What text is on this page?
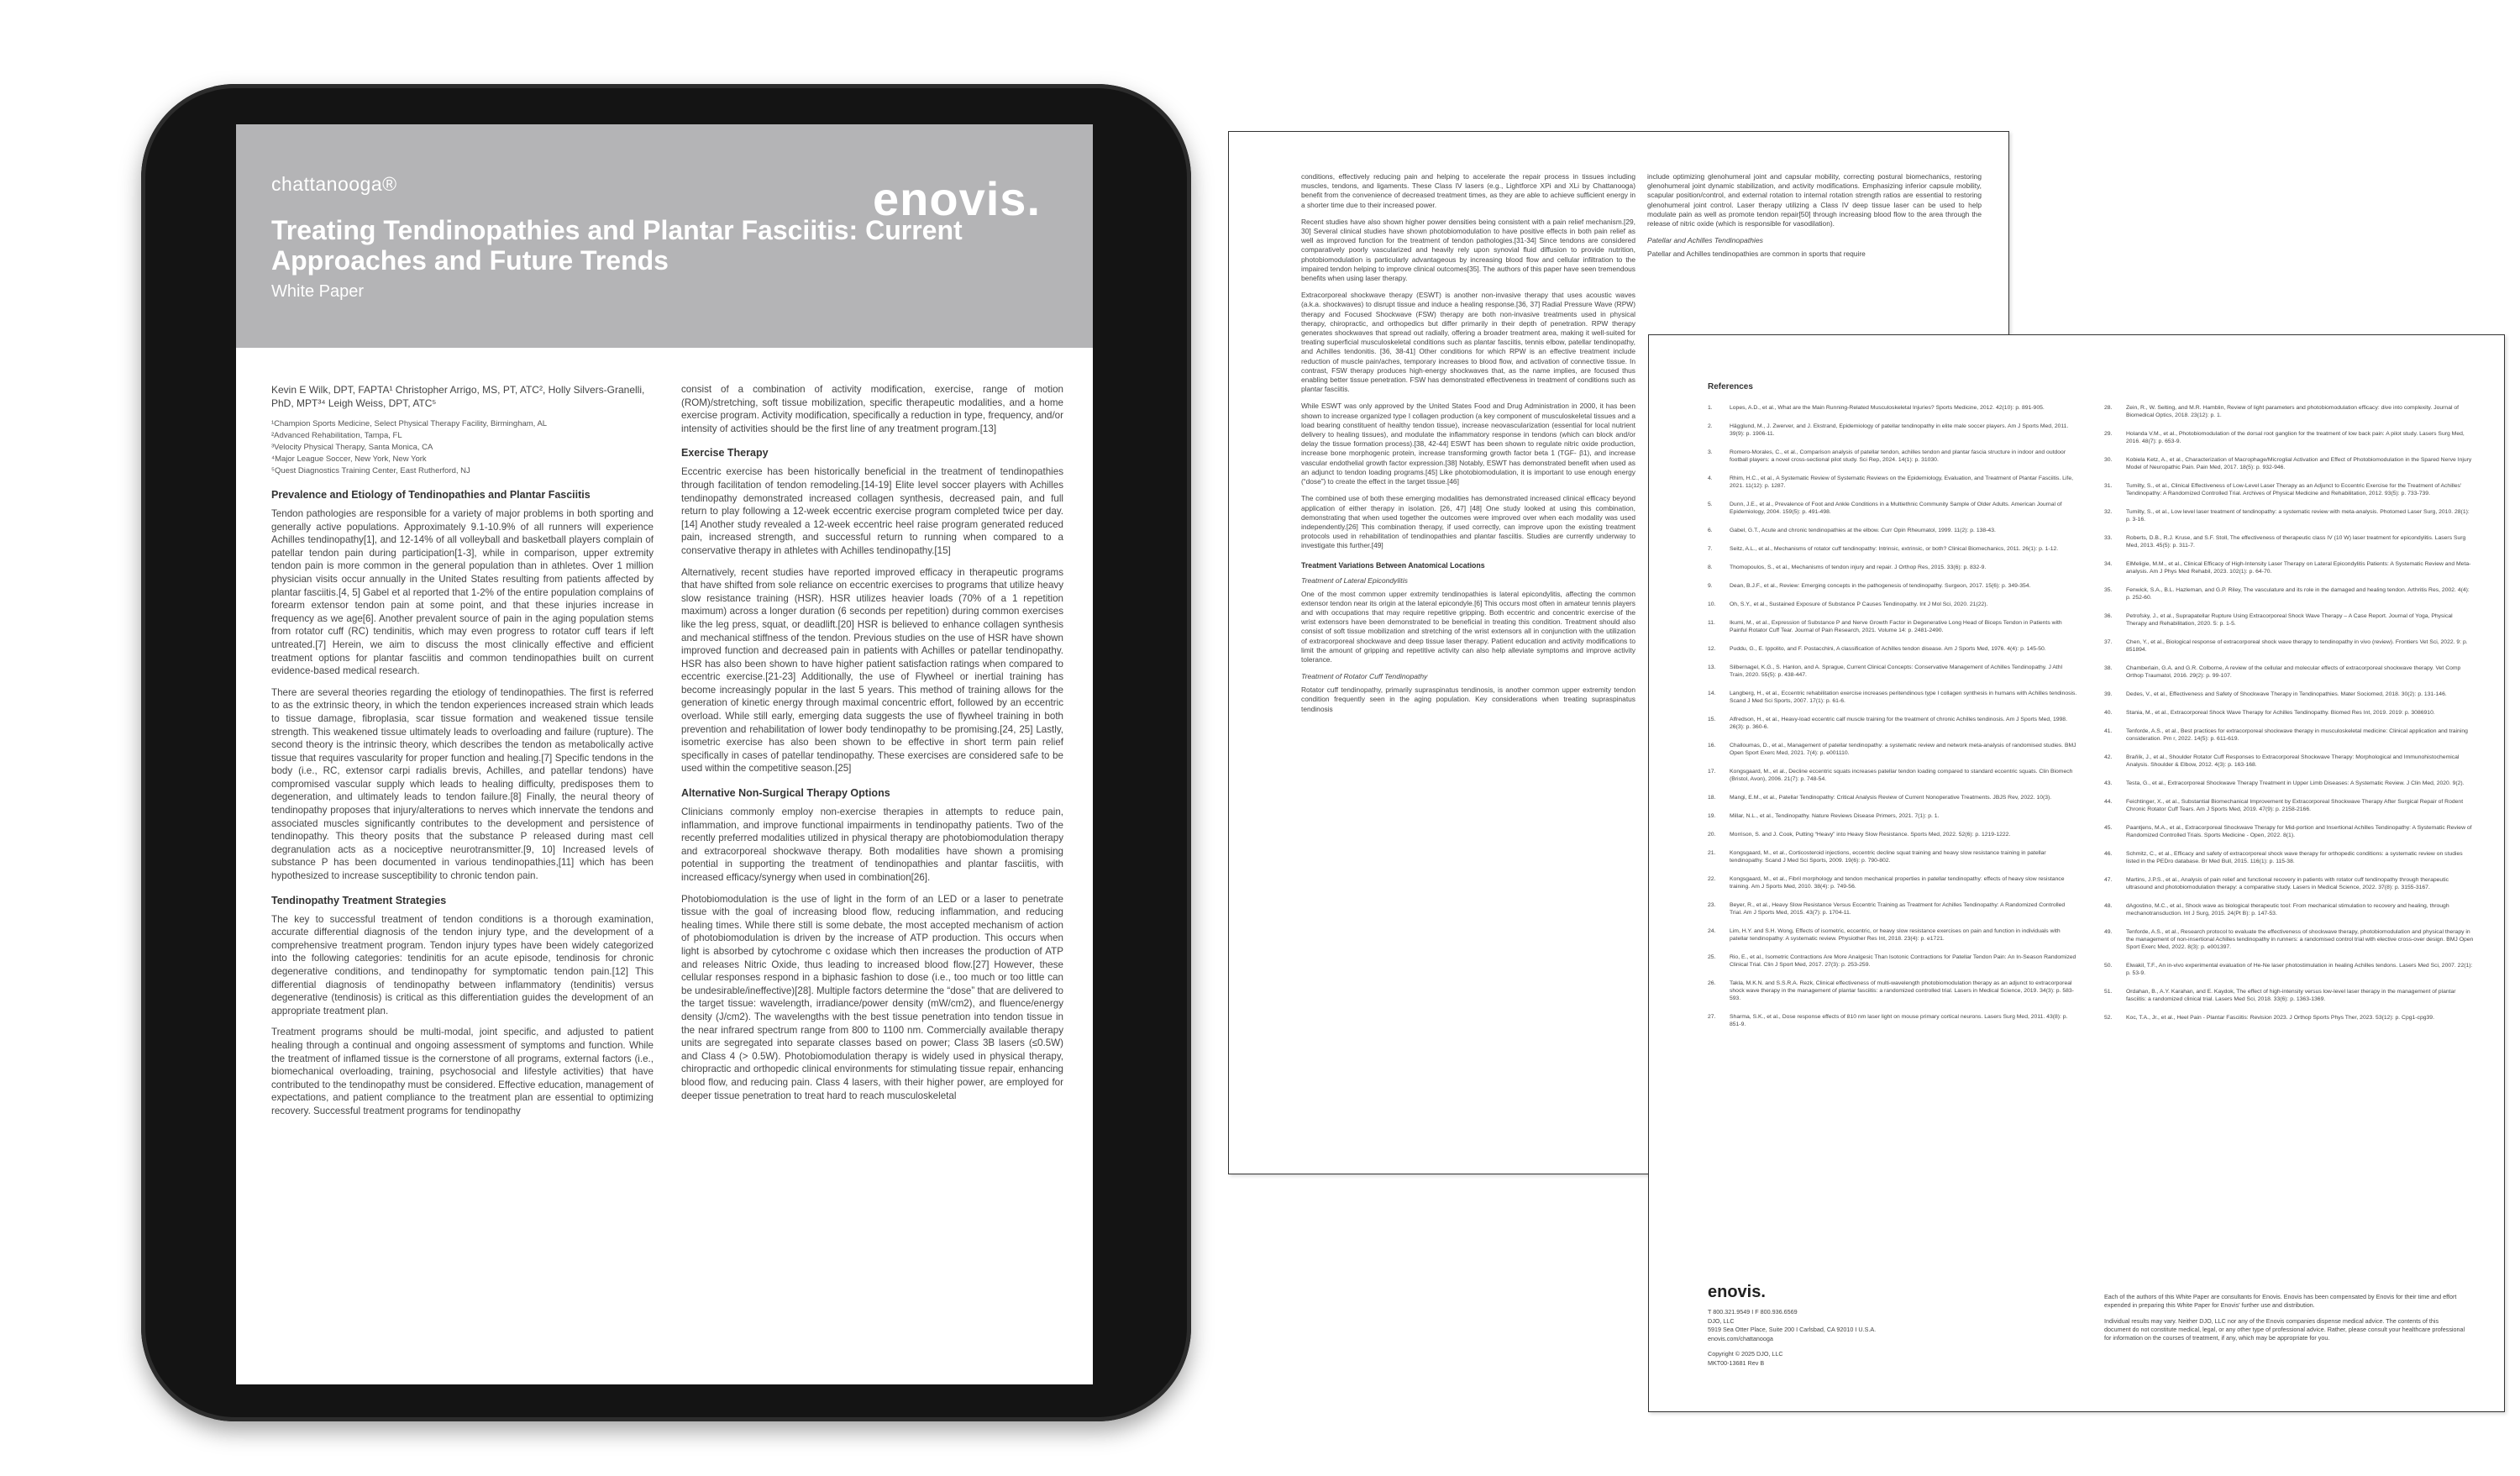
chattanooga®	enovis.
Treating Tendinopathies and Plantar Fasciitis: Current Approaches and Future Trends
White Paper
Kevin E Wilk, DPT, FAPTA¹ Christopher Arrigo, MS, PT, ATC², Holly Silvers-Granelli, PhD, MPT³⁴ Leigh Weiss, DPT, ATC⁵
¹Champion Sports Medicine, Select Physical Therapy Facility, Birmingham, AL
²Advanced Rehabilitation, Tampa, FL
³Velocity Physical Therapy, Santa Monica, CA
⁴Major League Soccer, New York, New York
⁵Quest Diagnostics Training Center, East Rutherford, NJ
Prevalence and Etiology of Tendinopathies and Plantar Fasciitis

Tendon pathologies are responsible for a variety of major problems in both sporting and generally active populations. Approximately 9.1-10.9% of all runners will experience Achilles tendinopathy[1], and 12-14% of all volleyball and basketball players complain of patellar tendon pain during participation[1-3], while in comparison, upper extremity tendon pain is more common in the general population than in athletes. Over 1 million physician visits occur annually in the United States resulting from patients affected by plantar fasciitis.[4, 5] Gabel et al reported that 1-2% of the entire population complains of forearm extensor tendon pain at some point, and that these injuries increase in frequency as we age[6]. Another prevalent source of pain in the aging population stems from rotator cuff (RC) tendinitis, which may even progress to rotator cuff tears if left untreated.[7] Herein, we aim to discuss the most clinically effective and efficient treatment options for plantar fasciitis and common tendinopathies built on current evidence-based medical research.

There are several theories regarding the etiology of tendinopathies. The first is referred to as the extrinsic theory, in which the tendon experiences increased strain which leads to tissue damage, fibroplasia, scar tissue formation and weakened tissue tensile strength. This weakened tissue ultimately leads to overloading and failure (rupture). The second theory is the intrinsic theory, which describes the tendon as metabolically active tissue that requires vascularity for proper function and healing.[7] Specific tendons in the body (i.e., RC, extensor carpi radialis brevis, Achilles, and patellar tendons) have compromised vascular supply which leads to healing difficulty, predisposes them to degeneration, and ultimately leads to tendon failure.[8] Finally, the neural theory of tendinopathy proposes that injury/alterations to nerves which innervate the tendons and associated muscles significantly contributes to the development and persistence of tendinopathy. This theory posits that the substance P released during mast cell degranulation acts as a nociceptive neurotransmitter.[9, 10] Increased levels of substance P has been documented in various tendinopathies,[11] which has been hypothesized to increase susceptibility to chronic tendon pain.

Tendinopathy Treatment Strategies

The key to successful treatment of tendon conditions is a thorough examination, accurate differential diagnosis of the tendon injury type, and the development of a comprehensive treatment program. Tendon injury types have been widely categorized into the following categories: tendinitis for an acute episode, tendinosis for chronic degenerative conditions, and tendinopathy for symptomatic tendon pain.[12] This differential diagnosis of tendinopathy between inflammatory (tendinitis) versus degenerative (tendinosis) is critical as this differentiation guides the development of an appropriate treatment plan.

Treatment programs should be multi-modal, joint specific, and adjusted to patient healing through a continual and ongoing assessment of symptoms and function. While the treatment of inflamed tissue is the cornerstone of all programs, external factors (i.e., biomechanical overloading, training, psychosocial and lifestyle activities) that have contributed to the tendinopathy must be considered. Effective education, management of expectations, and patient compliance to the treatment plan are essential to optimizing recovery. Successful treatment programs for tendinopathy

consist of a combination of activity modification, exercise, range of motion (ROM)/stretching, soft tissue mobilization, specific therapeutic modalities, and a home exercise program. Activity modification, specifically a reduction in type, frequency, and/or intensity of activities should be the first line of any treatment program.[13]

Exercise Therapy

Eccentric exercise has been historically beneficial in the treatment of tendinopathies through facilitation of tendon remodeling.[14-19] Elite level soccer players with Achilles tendinopathy demonstrated increased collagen synthesis, decreased pain, and full return to play following a 12-week eccentric exercise program completed twice per day.[14] Another study revealed a 12-week eccentric heel raise program generated reduced pain, increased strength, and successful return to running when compared to a conservative therapy in athletes with Achilles tendinopathy.[15]

Alternatively, recent studies have reported improved efficacy in therapeutic programs that have shifted from sole reliance on eccentric exercises to programs that utilize heavy slow resistance training (HSR). HSR utilizes heavier loads (70% of a 1 repetition maximum) across a longer duration (6 seconds per repetition) during common exercises like the leg press, squat, or deadlift.[20] HSR is believed to enhance collagen synthesis and mechanical stiffness of the tendon. Previous studies on the use of HSR have shown improved function and decreased pain in patients with Achilles or patellar tendinopathy. HSR has also been shown to have higher patient satisfaction ratings when compared to eccentric exercise.[21-23] Additionally, the use of Flywheel or inertial training has become increasingly popular in the last 5 years. This method of training allows for the generation of kinetic energy through maximal concentric effort, followed by an eccentric overload. While still early, emerging data suggests the use of flywheel training in both prevention and rehabilitation of lower body tendinopathy to be promising.[24, 25] Lastly, isometric exercise has also been shown to be effective in short term pain relief specifically in cases of patellar tendinopathy. These exercises are considered safe to be used within the competitive season.[25]

Alternative Non-Surgical Therapy Options

Clinicians commonly employ non-exercise therapies in attempts to reduce pain, inflammation, and improve functional impairments in tendinopathy patients. Two of the recently preferred modalities utilized in physical therapy are photobiomodulation therapy and extracorporeal shockwave therapy. Both modalities have shown a promising potential in supporting the treatment of tendinopathies and plantar fasciitis, with increased efficacy/synergy when used in combination[26].

Photobiomodulation is the use of light in the form of an LED or a laser to penetrate tissue with the goal of increasing blood flow, reducing inflammation, and reducing healing times. While there still is some debate, the most accepted mechanism of action of photobiomodulation is driven by the increase of ATP production. This occurs when light is absorbed by cytochrome c oxidase which then increases the production of ATP and releases Nitric Oxide, thus leading to increased blood flow.[27] However, these cellular responses respond in a biphasic fashion to dose (i.e., too much or too little can be undesirable/ineffective)[28]. Multiple factors determine the “dose” that are delivered to the target tissue: wavelength, irradiance/power density (mW/cm2), and fluence/energy density (J/cm2). The wavelengths with the best tissue penetration into tendon tissue in the near infrared spectrum range from 800 to 1100 nm. Commercially available therapy units are segregated into separate classes based on power; Class 3B lasers (≤0.5W) and Class 4 (> 0.5W). Photobiomodulation therapy is widely used in physical therapy, chiropractic and orthopedic clinical environments for stimulating tissue repair, enhancing blood flow, and reducing pain. Class 4 lasers, with their higher power, are employed for deeper tissue penetration to treat hard to reach musculoskeletal

conditions, effectively reducing pain and helping to accelerate the repair process in tissues including muscles, tendons, and ligaments. These Class IV lasers (e.g., Lightforce XPi and XLi by Chattanooga) benefit from the convenience of decreased treatment times, as they are able to achieve sufficient energy in a shorter time due to their increased power.

Recent studies have also shown higher power densities being consistent with a pain relief mechanism.[29, 30] Several clinical studies have shown photobiomodulation to have positive effects in both pain relief as well as improved function for the treatment of tendon pathologies.[31-34] Since tendons are considered comparatively poorly vascularized and heavily rely upon synovial fluid diffusion to provide nutrition, photobiomodulation is particularly advantageous by increasing blood flow and cellular infiltration to the impaired tendon helping to improve clinical outcomes[35]. The authors of this paper have seen tremendous benefits when using laser therapy.

Extracorporeal shockwave therapy (ESWT) is another non-invasive therapy that uses acoustic waves (a.k.a. shockwaves) to disrupt tissue and induce a healing response.[36, 37] Radial Pressure Wave (RPW) therapy and Focused Shockwave (FSW) therapy are both non-invasive treatments used in physical therapy, chiropractic, and orthopedics but differ primarily in their depth of penetration. RPW therapy generates shockwaves that spread out radially, offering a broader treatment area, making it well-suited for treating superficial musculoskeletal conditions such as plantar fasciitis, tennis elbow, patellar tendinopathy, and Achilles tendonitis. [36, 38-41] Other conditions for which RPW is an effective treatment include reduction of muscle pain/aches, temporary increases to blood flow, and activation of connective tissue. In contrast, FSW therapy produces high-energy shockwaves that, as the name implies, are focused thus enabling better tissue penetration. FSW has demonstrated effectiveness in treatment of conditions such as plantar fasciitis.

While ESWT was only approved by the United States Food and Drug Administration in 2000, it has been shown to increase organized type I collagen production (a key component of musculoskeletal tissues and a load bearing constituent of healthy tendon tissue), increase neovascularization (essential for local nutrient delivery to healing tissues), and modulate the inflammatory response in tendons (which can block and/or delay the tissue formation process).[38, 42-44] ESWT has been shown to regulate nitric oxide production, increase bone morphogenic protein, increase transforming growth factor beta 1 (TGF- β1), and increase vascular endothelial growth factor expression.[38] Notably, ESWT has demonstrated benefit when used as an adjunct to tendon loading programs.[45] Like photobiomodulation, it is important to use enough energy (“dose”) to create the effect in the target tissue.[46]

The combined use of both these emerging modalities has demonstrated increased clinical efficacy beyond application of either therapy in isolation. [26, 47] [48] One study looked at using this combination, demonstrating that when used together the outcomes were improved over when each modality was used independently.[26] This combination therapy, if used correctly, can improve upon the existing treatment protocols used in rehabilitation of tendinopathies and plantar fasciitis. Studies are currently underway to investigate this further.[49]

Treatment Variations Between Anatomical Locations
Treatment of Lateral Epicondylitis

One of the most common upper extremity tendinopathies is lateral epicondylitis, affecting the common extensor tendon near its origin at the lateral epicondyle.[6] This occurs most often in amateur tennis players and with occupations that may require repetitive gripping. Both eccentric and concentric exercise of the wrist extensors have been demonstrated to be beneficial in treating this condition. Treatment should also consist of soft tissue mobilization and stretching of the wrist extensors all in conjunction with the utilization of extracorporeal shockwave and deep tissue laser therapy. Patient education and activity modifications to limit the amount of gripping and repetitive activity can also help alleviate symptoms and improve activity tolerance.

Treatment of Rotator Cuff Tendinopathy

Rotator cuff tendinopathy, primarily supraspinatus tendinosis, is another common upper extremity tendon condition frequently seen in the aging population. Key considerations when treating supraspinatus tendinosis

include optimizing glenohumeral joint and capsular mobility, correcting postural biomechanics, restoring glenohumeral joint dynamic stabilization, and activity modifications. Emphasizing inferior capsule mobility, scapular position/control, and external rotation to internal rotation strength ratios are essential to restoring glenohumeral joint control. Laser therapy utilizing a Class IV deep tissue laser can be used to help modulate pain as well as promote tendon repair[50] through increasing blood flow to the area through the release of nitric oxide (which is responsible for vasodilation).

Patellar and Achilles Tendinopathies

Patellar and Achilles tendinopathies are common in sports that require

References
1.	Lopes, A.D., et al., What are the Main Running-Related Musculoskeletal Injuries? Sports Medicine, 2012. 42(10): p. 891-905.
2.	Hägglund, M., J. Zwerver, and J. Ekstrand, Epidemiology of patellar tendinopathy in elite male soccer players. Am J Sports Med, 2011. 39(9): p. 1906-11.
3.	Romero-Morales, C., et al., Comparison analysis of patellar tendon, achilles tendon and plantar fascia structure in indoor and outdoor football players: a novel cross-sectional pilot study. Sci Rep, 2024. 14(1): p. 31030.
4.	Rhim, H.C., et al., A Systematic Review of Systematic Reviews on the Epidemiology, Evaluation, and Treatment of Plantar Fasciitis. Life, 2021. 11(12): p. 1287.
5.	Dunn, J.E., et al., Prevalence of Foot and Ankle Conditions in a Multiethnic Community Sample of Older Adults. American Journal of Epidemiology, 2004. 159(5): p. 491-498.
6.	Gabel, G.T., Acute and chronic tendinopathies at the elbow. Curr Opin Rheumatol, 1999. 11(2): p. 138-43.
7.	Seitz, A.L., et al., Mechanisms of rotator cuff tendinopathy: Intrinsic, extrinsic, or both? Clinical Biomechanics, 2011. 26(1): p. 1-12.
8.	Thomopoulos, S., et al., Mechanisms of tendon injury and repair. J Orthop Res, 2015. 33(6): p. 832-9.
9.	Dean, B.J.F., et al., Review: Emerging concepts in the pathogenesis of tendinopathy. Surgeon, 2017. 15(6): p. 349-354.
10.	Oh, S.Y., et al., Sustained Exposure of Substance P Causes Tendinopathy. Int J Mol Sci, 2020. 21(22).
11.	Ikumi, M., et al., Expression of Substance P and Nerve Growth Factor in Degenerative Long Head of Biceps Tendon in Patients with Painful Rotator Cuff Tear. Journal of Pain Research, 2021. Volume 14: p. 2481-2490.
12.	Puddu, G., E. Ippolito, and F. Postacchini, A classification of Achilles tendon disease. Am J Sports Med, 1976. 4(4): p. 145-50.
13.	Silbernagel, K.G., S. Hanlon, and A. Sprague, Current Clinical Concepts: Conservative Management of Achilles Tendinopathy. J Athl Train, 2020. 55(5): p. 438-447.
14.	Langberg, H., et al., Eccentric rehabilitation exercise increases peritendinous type I collagen synthesis in humans with Achilles tendinosis. Scand J Med Sci Sports, 2007. 17(1): p. 61-6.
15.	Alfredson, H., et al., Heavy-load eccentric calf muscle training for the treatment of chronic Achilles tendinosis. Am J Sports Med, 1998. 26(3): p. 360-6.
16.	Challoumas, D., et al., Management of patellar tendinopathy: a systematic review and network meta-analysis of randomised studies. BMJ Open Sport Exerc Med, 2021. 7(4): p. e001110.
17.	Kongsgaard, M., et al., Decline eccentric squats increases patellar tendon loading compared to standard eccentric squats. Clin Biomech (Bristol, Avon), 2006. 21(7): p. 748-54.
18.	Mangi, E.M., et al., Patellar Tendinopathy: Critical Analysis Review of Current Nonoperative Treatments. JBJS Rev, 2022. 10(3).
19.	Millar, N.L., et al., Tendinopathy. Nature Reviews Disease Primers, 2021. 7(1): p. 1.
20.	Morrison, S. and J. Cook, Putting “Heavy” into Heavy Slow Resistance. Sports Med, 2022. 52(6): p. 1219-1222.
21.	Kongsgaard, M., et al., Corticosteroid injections, eccentric decline squat training and heavy slow resistance training in patellar tendinopathy. Scand J Med Sci Sports, 2009. 19(6): p. 790-802.
22.	Kongsgaard, M., et al., Fibril morphology and tendon mechanical properties in patellar tendinopathy: effects of heavy slow resistance training. Am J Sports Med, 2010. 38(4): p. 749-56.
23.	Beyer, R., et al., Heavy Slow Resistance Versus Eccentric Training as Treatment for Achilles Tendinopathy: A Randomized Controlled Trial. Am J Sports Med, 2015. 43(7): p. 1704-11.
24.	Lim, H.Y. and S.H. Wong, Effects of isometric, eccentric, or heavy slow resistance exercises on pain and function in individuals with patellar tendinopathy: A systematic review. Physiother Res Int, 2018. 23(4): p. e1721.
25.	Rio, E., et al., Isometric Contractions Are More Analgesic Than Isotonic Contractions for Patellar Tendon Pain: An In-Season Randomized Clinical Trial. Clin J Sport Med, 2017. 27(3): p. 253-259.
26.	Takla, M.K.N. and S.S.R.A. Rezk, Clinical effectiveness of multi-wavelength photobiomodulation therapy as an adjunct to extracorporeal shock wave therapy in the management of plantar fasciitis: a randomized controlled trial. Lasers in Medical Science, 2019. 34(3): p. 583-593.
27.	Sharma, S.K., et al., Dose response effects of 810 nm laser light on mouse primary cortical neurons. Lasers Surg Med, 2011. 43(8): p. 851-9.
28.	Zein, R., W. Selting, and M.R. Hamblin, Review of light parameters and photobiomodulation efficacy: dive into complexity. Journal of Biomedical Optics, 2018. 23(12): p. 1.
29.	Holanda V.M., et al., Photobiomodulation of the dorsal root ganglion for the treatment of low back pain: A pilot study. Lasers Surg Med, 2016. 48(7): p. 653-9.
30.	Kobiela Ketz, A., et al., Characterization of Macrophage/Microglial Activation and Effect of Photobiomodulation in the Spared Nerve Injury Model of Neuropathic Pain. Pain Med, 2017. 18(5): p. 932-946.
31.	Tumilty, S., et al., Clinical Effectiveness of Low-Level Laser Therapy as an Adjunct to Eccentric Exercise for the Treatment of Achilles' Tendinopathy: A Randomized Controlled Trial. Archives of Physical Medicine and Rehabilitation, 2012. 93(5): p. 733-739.
32.	Tumilty, S., et al., Low level laser treatment of tendinopathy: a systematic review with meta-analysis. Photomed Laser Surg, 2010. 28(1): p. 3-16.
33.	Roberts, D.B., R.J. Kruse, and S.F. Stoll, The effectiveness of therapeutic class IV (10 W) laser treatment for epicondylitis. Lasers Surg Med, 2013. 45(5): p. 311-7.
34.	ElMeligie, M.M., et al., Clinical Efficacy of High-Intensity Laser Therapy on Lateral Epicondylitis Patients: A Systematic Review and Meta-analysis. Am J Phys Med Rehabil, 2023. 102(1): p. 64-70.
35.	Fenwick, S.A., B.L. Hazleman, and G.P. Riley, The vasculature and its role in the damaged and healing tendon. Arthritis Res, 2002. 4(4): p. 252-60.
36.	Petrofsky, J., et al., Suprapatellar Rupture Using Extracorporeal Shock Wave Therapy – A Case Report. Journal of Yoga, Physical Therapy and Rehabilitation, 2020. 5: p. 1-5.
37.	Chen, Y., et al., Biological response of extracorporeal shock wave therapy to tendinopathy in vivo (review). Frontiers Vet Sci, 2022. 9: p. 851894.
38.	Chamberlain, G.A. and G.R. Colborne, A review of the cellular and molecular effects of extracorporeal shockwave therapy. Vet Comp Orthop Traumatol, 2016. 29(2): p. 99-107.
39.	Dedes, V., et al., Effectiveness and Safety of Shockwave Therapy in Tendinopathies. Mater Sociomed, 2018. 30(2): p. 131-146.
40.	Stania, M., et al., Extracorporeal Shock Wave Therapy for Achilles Tendinopathy. Biomed Res Int, 2019. 2019: p. 3086910.
41.	Tenforde, A.S., et al., Best practices for extracorporeal shockwave therapy in musculoskeletal medicine: Clinical application and training consideration. Pm r, 2022. 14(5): p. 611-619.
42.	Braňík, J., et al., Shoulder Rotator Cuff Responses to Extracorporeal Shockwave Therapy: Morphological and Immunohistochemical Analysis. Shoulder & Elbow, 2012. 4(3): p. 163-168.
43.	Testa, G., et al., Extracorporeal Shockwave Therapy Treatment in Upper Limb Diseases: A Systematic Review. J Clin Med, 2020. 9(2).
44.	Feichtinger, X., et al., Substantial Biomechanical Improvement by Extracorporeal Shockwave Therapy After Surgical Repair of Rodent Chronic Rotator Cuff Tears. Am J Sports Med, 2019. 47(9): p. 2158-2166.
45.	Paantjens, M.A., et al., Extracorporeal Shockwave Therapy for Mid-portion and Insertional Achilles Tendinopathy: A Systematic Review of Randomized Controlled Trials. Sports Medicine - Open, 2022. 8(1).
46.	Schmitz, C., et al., Efficacy and safety of extracorporeal shock wave therapy for orthopedic conditions: a systematic review on studies listed in the PEDro database. Br Med Bull, 2015. 116(1): p. 115-38.
47.	Martins, J.P.S., et al., Analysis of pain relief and functional recovery in patients with rotator cuff tendinopathy through therapeutic ultrasound and photobiomodulation therapy: a comparative study. Lasers in Medical Science, 2022. 37(8): p. 3155-3167.
48.	dAgostino, M.C., et al., Shock wave as biological therapeutic tool: From mechanical stimulation to recovery and healing, through mechanotransduction. Int J Surg, 2015. 24(Pt B): p. 147-53.
49.	Tenforde, A.S., et al., Research protocol to evaluate the effectiveness of shockwave therapy, photobiomodulation and physical therapy in the management of non-insertional Achilles tendinopathy in runners: a randomised control trial with elective cross-over design. BMJ Open Sport Exerc Med, 2022. 8(3): p. e001397.
50.	Elwakil, T.F., An in-vivo experimental evaluation of He-Ne laser photostimulation in healing Achilles tendons. Lasers Med Sci, 2007. 22(1): p. 53-9.
51.	Ordahan, B., A.Y. Karahan, and E. Kaydok, The effect of high-intensity versus low-level laser therapy in the management of plantar fasciitis: a randomized clinical trial. Lasers Med Sci, 2018. 33(6): p. 1363-1369.
52.	Koc, T.A., Jr., et al., Heel Pain - Plantar Fasciitis: Revision 2023. J Orthop Sports Phys Ther, 2023. 53(12): p. Cpg1-cpg39.
enovis.
T 800.321.9549 I F 800.936.6569
DJO, LLC
5919 Sea Otter Place, Suite 200 I Carlsbad, CA 92010 I U.S.A.
enovis.com/chattanooga
Copyright © 2025 DJO, LLC
MKT00-13681 Rev B

Each of the authors of this White Paper are consultants for Enovis. Enovis has been compensated by Enovis for their time and effort expended in preparing this White Paper for Enovis' further use and distribution.

Individual results may vary. Neither DJO, LLC nor any of the Enovis companies dispense medical advice. The contents of this document do not constitute medical, legal, or any other type of professional advice. Rather, please consult your healthcare professional for information on the courses of treatment, if any, which may be appropriate for you.
